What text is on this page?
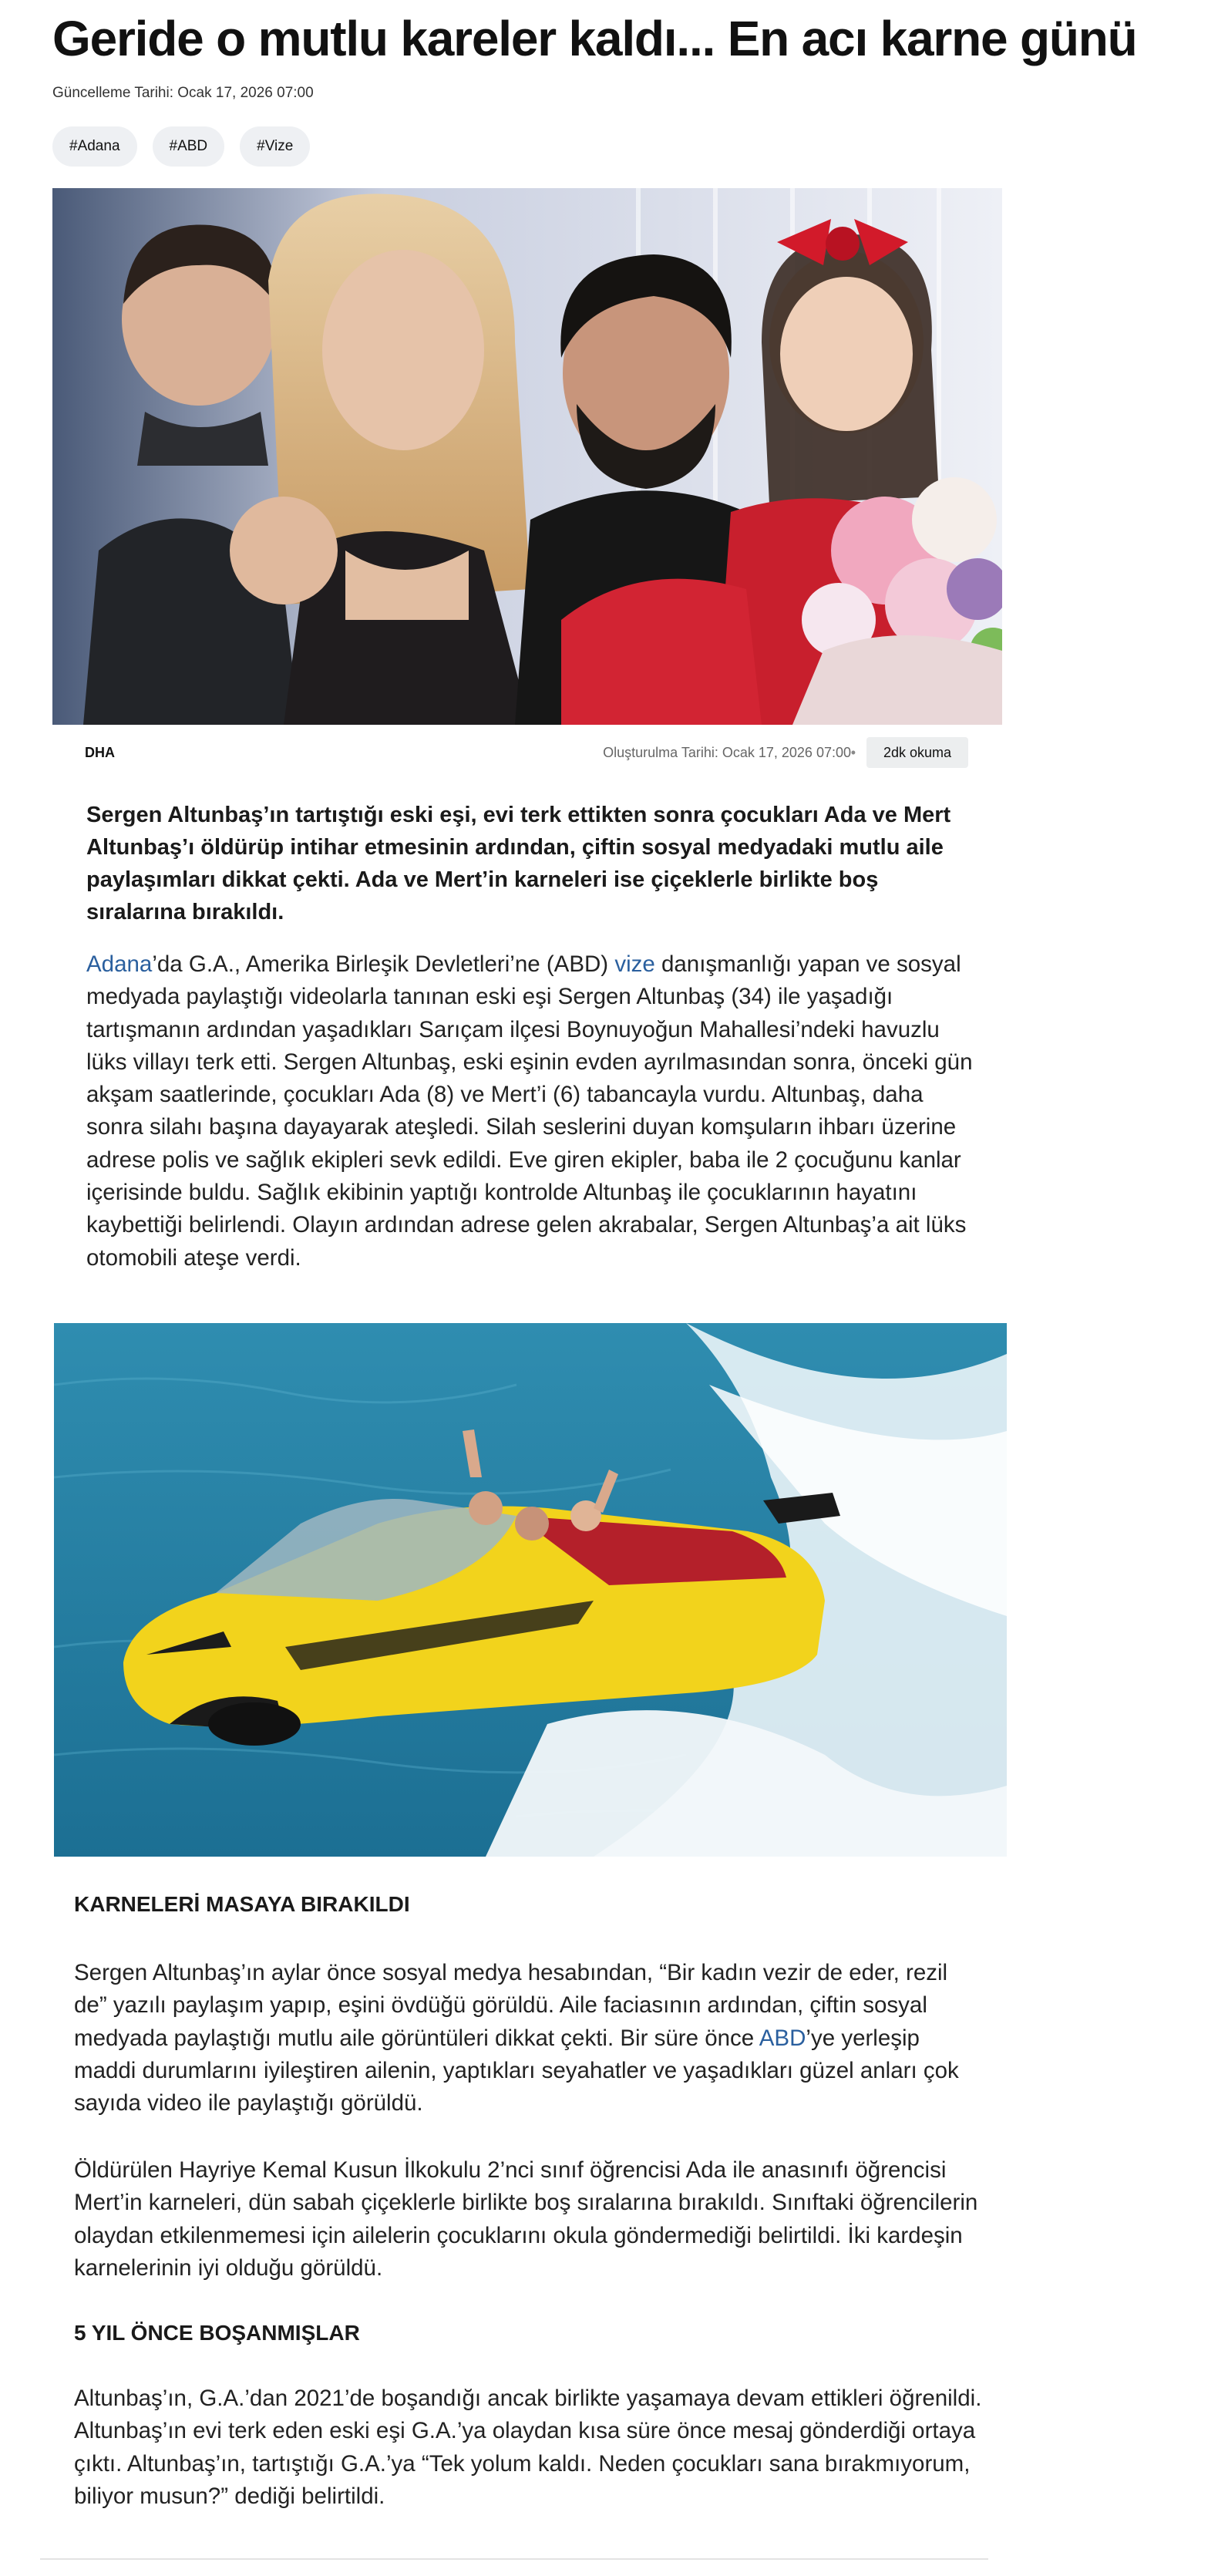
Geride o mutlu kareler kaldı... En acı karne günü
Güncelleme Tarihi: Ocak 17, 2026 07:00
#Adana	#ABD	#Vize
DHA	Oluşturulma Tarihi: Ocak 17, 2026 07:00 •	2dk okuma

Sergen Altunbaş’ın tartıştığı eski eşi, evi terk ettikten sonra çocukları Ada ve Mert Altunbaş’ı öldürüp intihar etmesinin ardından, çiftin sosyal medyadaki mutlu aile paylaşımları dikkat çekti. Ada ve Mert’in karneleri ise çiçeklerle birlikte boş sıralarına bırakıldı.

Adana’da G.A., Amerika Birleşik Devletleri’ne (ABD) vize danışmanlığı yapan ve sosyal medyada paylaştığı videolarla tanınan eski eşi Sergen Altunbaş (34) ile yaşadığı tartışmanın ardından yaşadıkları Sarıçam ilçesi Boynuyoğun Mahallesi’ndeki havuzlu lüks villayı terk etti. Sergen Altunbaş, eski eşinin evden ayrılmasından sonra, önceki gün akşam saatlerinde, çocukları Ada (8) ve Mert’i (6) tabancayla vurdu. Altunbaş, daha sonra silahı başına dayayarak ateşledi. Silah seslerini duyan komşuların ihbarı üzerine adrese polis ve sağlık ekipleri sevk edildi. Eve giren ekipler, baba ile 2 çocuğunu kanlar içerisinde buldu. Sağlık ekibinin yaptığı kontrolde Altunbaş ile çocuklarının hayatını kaybettiği belirlendi. Olayın ardından adrese gelen akrabalar, Sergen Altunbaş’a ait lüks otomobili ateşe verdi.

KARNELERİ MASAYA BIRAKILDI

Sergen Altunbaş’ın aylar önce sosyal medya hesabından, “Bir kadın vezir de eder, rezil de” yazılı paylaşım yapıp, eşini övdüğü görüldü. Aile faciasının ardından, çiftin sosyal medyada paylaştığı mutlu aile görüntüleri dikkat çekti. Bir süre önce ABD’ye yerleşip maddi durumlarını iyileştiren ailenin, yaptıkları seyahatler ve yaşadıkları güzel anları çok sayıda video ile paylaştığı görüldü.

Öldürülen Hayriye Kemal Kusun İlkokulu 2’nci sınıf öğrencisi Ada ile anasınıfı öğrencisi Mert’in karneleri, dün sabah çiçeklerle birlikte boş sıralarına bırakıldı. Sınıftaki öğrencilerin olaydan etkilenmemesi için ailelerin çocuklarını okula göndermediği belirtildi. İki kardeşin karnelerinin iyi olduğu görüldü.

5 YIL ÖNCE BOŞANMIŞLAR

Altunbaş’ın, G.A.’dan 2021’de boşandığı ancak birlikte yaşamaya devam ettikleri öğrenildi. Altunbaş’ın evi terk eden eski eşi G.A.’ya olaydan kısa süre önce mesaj gönderdiği ortaya çıktı. Altunbaş’ın, tartıştığı G.A.’ya “Tek yolum kaldı. Neden çocukları sana bırakmıyorum, biliyor musun?” dediği belirtildi.
